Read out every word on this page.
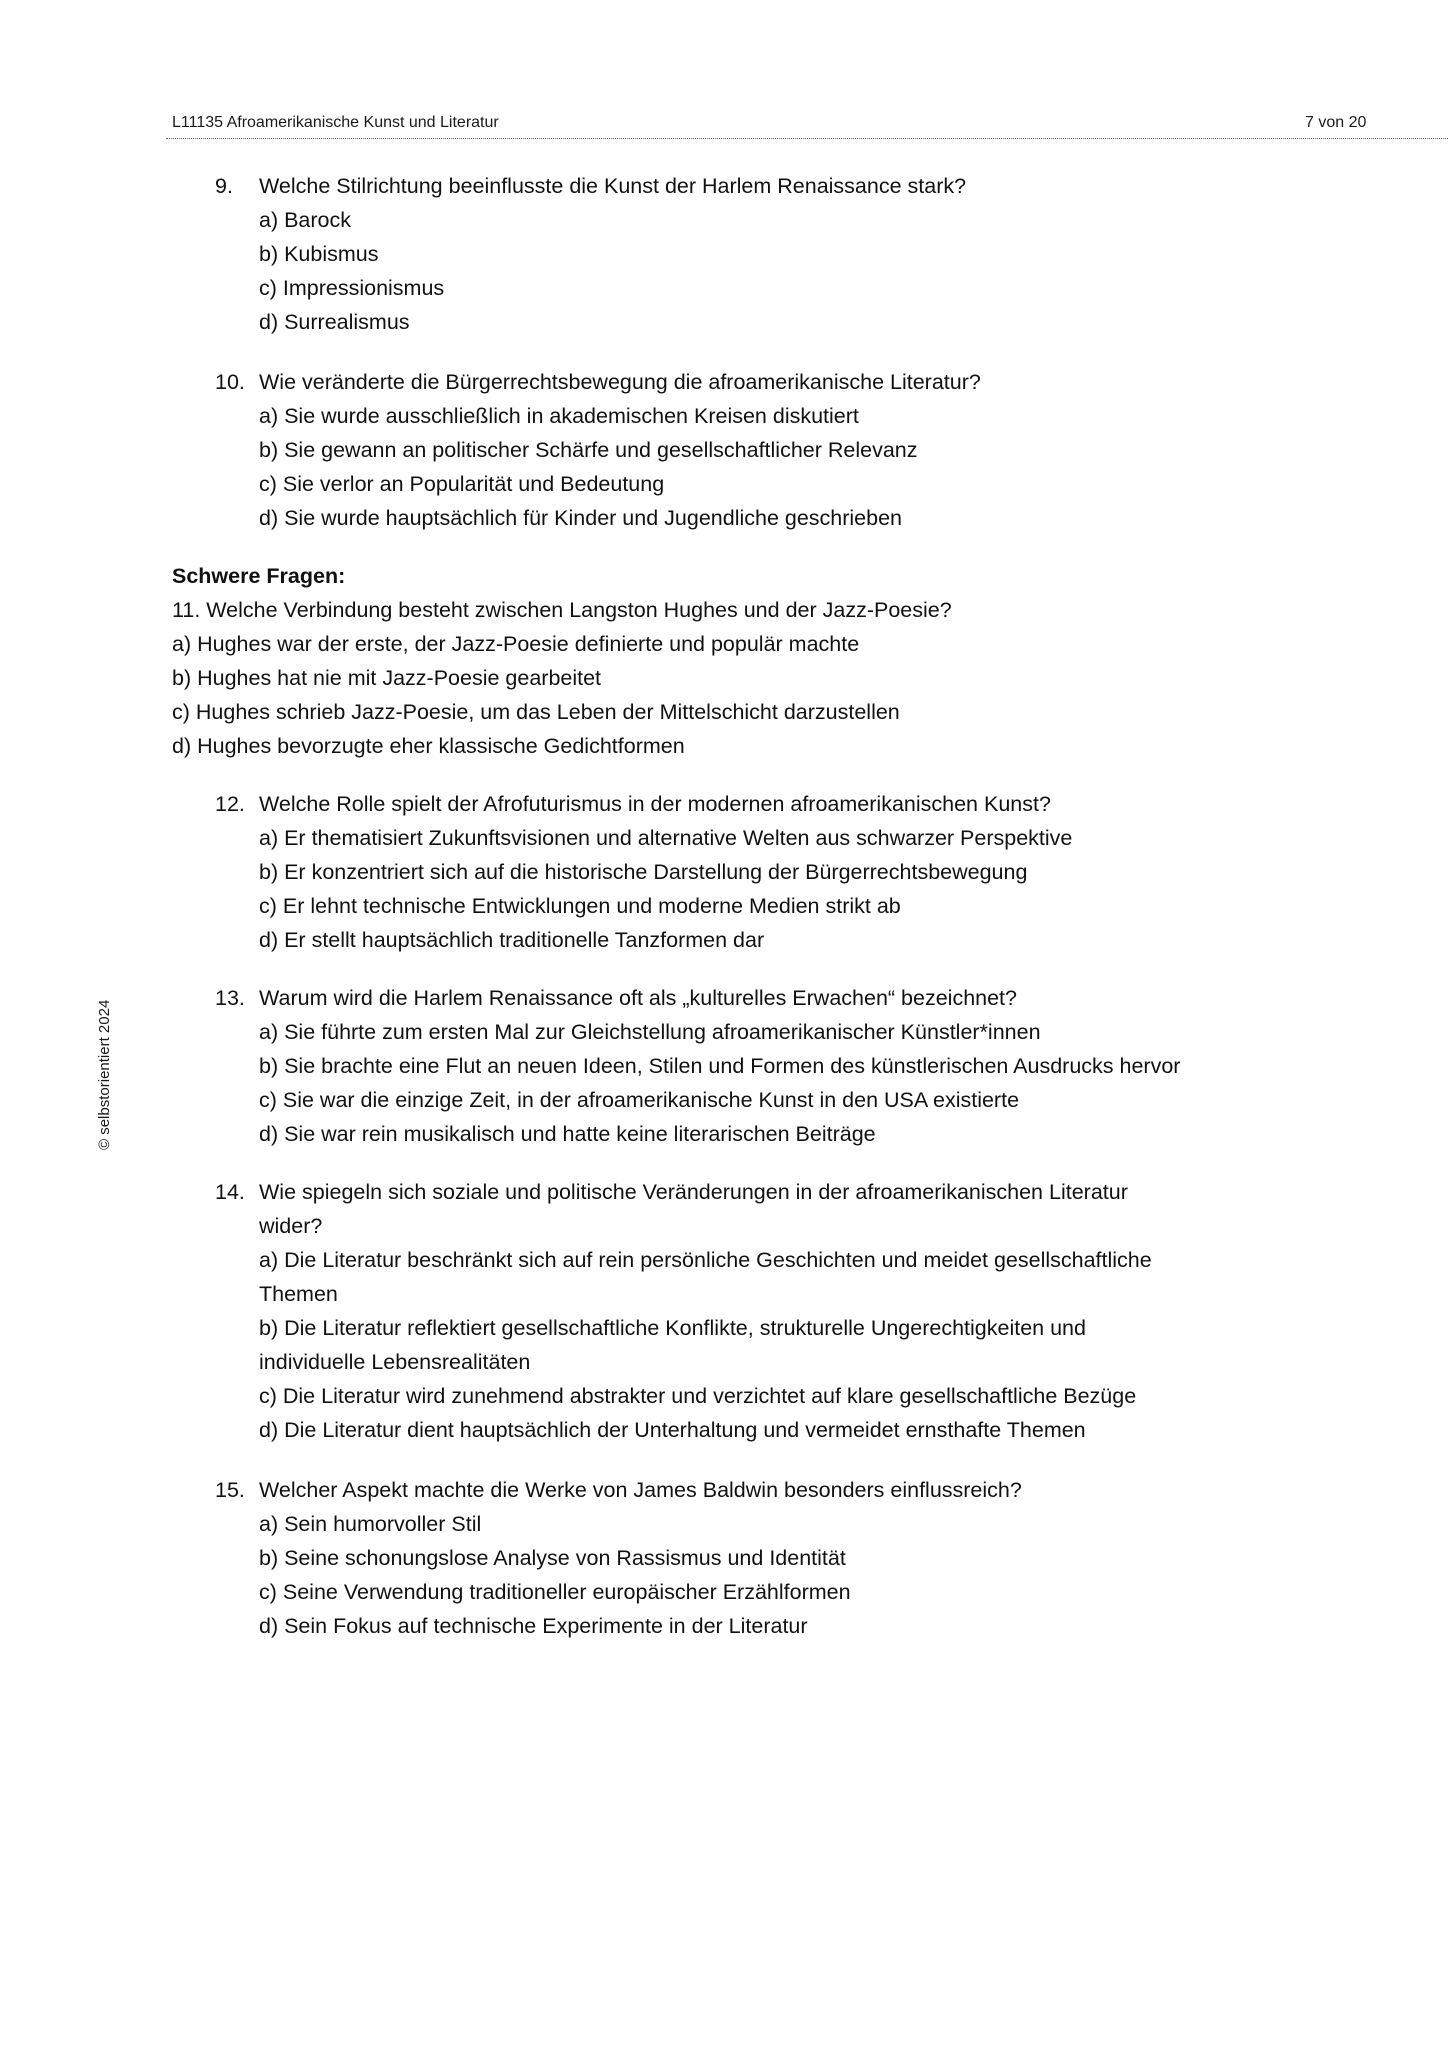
L11135 Afroamerikanische Kunst und Literatur	7 von 20
© selbstorientiert 2024
9. Welche Stilrichtung beeinflusste die Kunst der Harlem Renaissance stark?
a) Barock
b) Kubismus
c) Impressionismus
d) Surrealismus
10. Wie veränderte die Bürgerrechtsbewegung die afroamerikanische Literatur?
a) Sie wurde ausschließlich in akademischen Kreisen diskutiert
b) Sie gewann an politischer Schärfe und gesellschaftlicher Relevanz
c) Sie verlor an Popularität und Bedeutung
d) Sie wurde hauptsächlich für Kinder und Jugendliche geschrieben
Schwere Fragen:
11. Welche Verbindung besteht zwischen Langston Hughes und der Jazz-Poesie?
a) Hughes war der erste, der Jazz-Poesie definierte und populär machte
b) Hughes hat nie mit Jazz-Poesie gearbeitet
c) Hughes schrieb Jazz-Poesie, um das Leben der Mittelschicht darzustellen
d) Hughes bevorzugte eher klassische Gedichtformen
12. Welche Rolle spielt der Afrofuturismus in der modernen afroamerikanischen Kunst?
a) Er thematisiert Zukunftsvisionen und alternative Welten aus schwarzer Perspektive
b) Er konzentriert sich auf die historische Darstellung der Bürgerrechtsbewegung
c) Er lehnt technische Entwicklungen und moderne Medien strikt ab
d) Er stellt hauptsächlich traditionelle Tanzformen dar
13. Warum wird die Harlem Renaissance oft als „kulturelles Erwachen“ bezeichnet?
a) Sie führte zum ersten Mal zur Gleichstellung afroamerikanischer Künstler*innen
b) Sie brachte eine Flut an neuen Ideen, Stilen und Formen des künstlerischen Ausdrucks hervor
c) Sie war die einzige Zeit, in der afroamerikanische Kunst in den USA existierte
d) Sie war rein musikalisch und hatte keine literarischen Beiträge
14. Wie spiegeln sich soziale und politische Veränderungen in der afroamerikanischen Literatur
wider?
a) Die Literatur beschränkt sich auf rein persönliche Geschichten und meidet gesellschaftliche
Themen
b) Die Literatur reflektiert gesellschaftliche Konflikte, strukturelle Ungerechtigkeiten und
individuelle Lebensrealitäten
c) Die Literatur wird zunehmend abstrakter und verzichtet auf klare gesellschaftliche Bezüge
d) Die Literatur dient hauptsächlich der Unterhaltung und vermeidet ernsthafte Themen
15. Welcher Aspekt machte die Werke von James Baldwin besonders einflussreich?
a) Sein humorvoller Stil
b) Seine schonungslose Analyse von Rassismus und Identität
c) Seine Verwendung traditioneller europäischer Erzählformen
d) Sein Fokus auf technische Experimente in der Literatur
